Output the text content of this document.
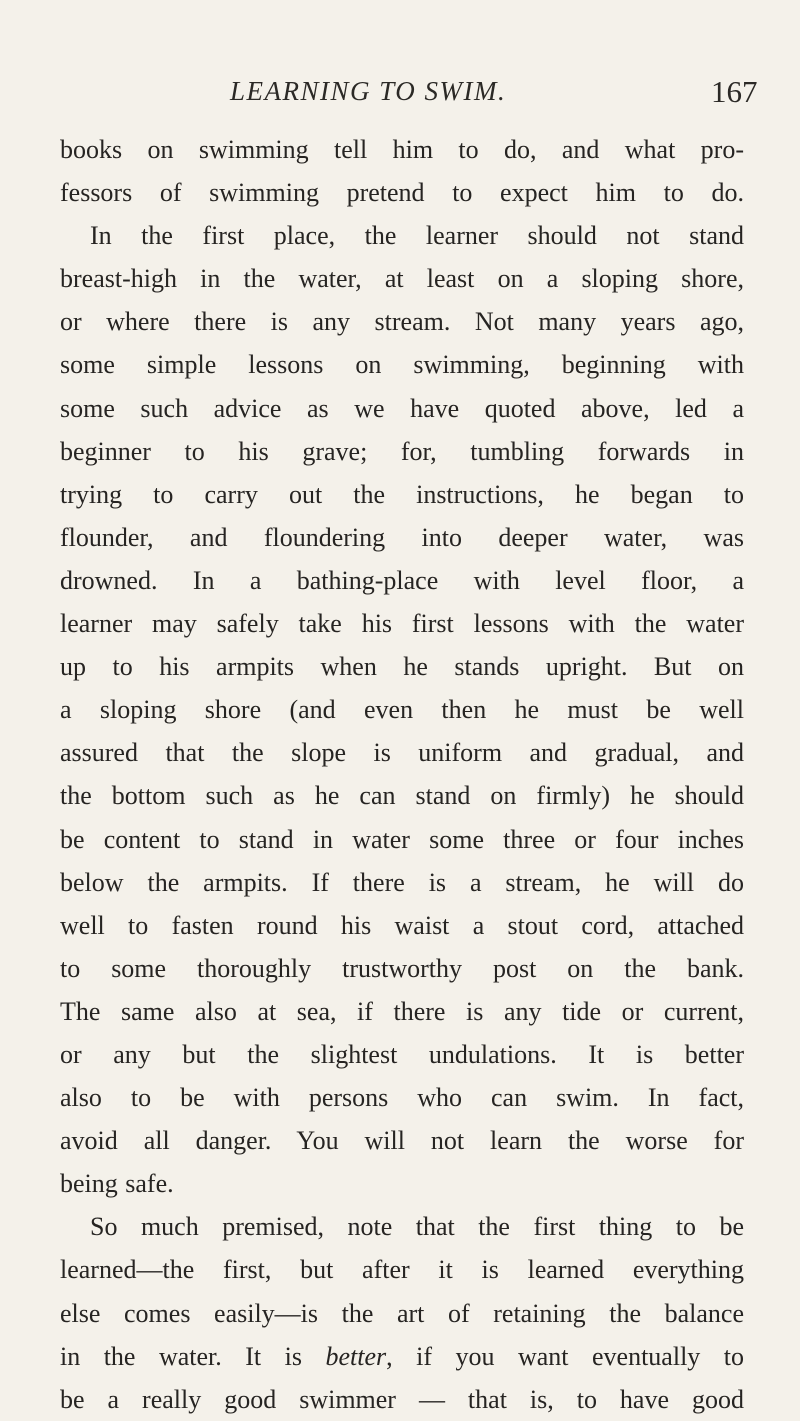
LEARNING TO SWIM.	167
books on swimming tell him to do, and what pro-
fessors of swimming pretend to expect him to do.
In the first place, the learner should not stand
breast-high in the water, at least on a sloping shore,
or where there is any stream. Not many years ago,
some simple lessons on swimming, beginning with
some such advice as we have quoted above, led a
beginner to his grave; for, tumbling forwards in
trying to carry out the instructions, he began to
flounder, and floundering into deeper water, was
drowned. In a bathing-place with level floor, a
learner may safely take his first lessons with the water
up to his armpits when he stands upright. But on
a sloping shore (and even then he must be well
assured that the slope is uniform and gradual, and
the bottom such as he can stand on firmly) he should
be content to stand in water some three or four inches
below the armpits. If there is a stream, he will do
well to fasten round his waist a stout cord, attached
to some thoroughly trustworthy post on the bank.
The same also at sea, if there is any tide or current,
or any but the slightest undulations. It is better
also to be with persons who can swim. In fact,
avoid all danger. You will not learn the worse for
being safe.
So much premised, note that the first thing to be
learned—the first, but after it is learned everything
else comes easily—is the art of retaining the balance
in the water. It is better, if you want eventually to
be a really good swimmer — that is, to have good
